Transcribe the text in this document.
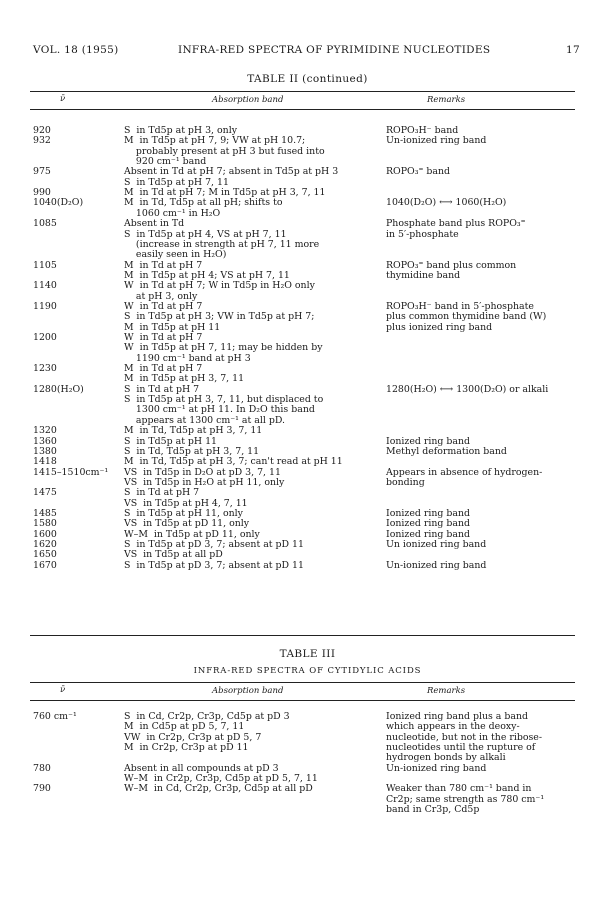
VOL. 18 (1955)	INFRA-RED SPECTRA OF PYRIMIDINE NUCLEOTIDES	17
TABLE II (continued)
ν̄	Absorption band	Remarks
920	S  in Td5p at pH 3, only	ROPO₃H⁻ band
932	M  in Td5p at pH 7, 9; VW at pH 10.7;	Un-ionized ring band
probably present at pH 3 but fused into
920 cm⁻¹ band
975	Absent in Td at pH 7; absent in Td5p at pH 3	ROPO₃⁼ band
S  in Td5p at pH 7, 11
990	M  in Td at pH 7; M in Td5p at pH 3, 7, 11
1040(D₂O)	M  in Td, Td5p at all pH; shifts to	1040(D₂O) ⟷ 1060(H₂O)
1060 cm⁻¹ in H₂O
1085	Absent in Td	Phosphate band plus ROPO₃⁼
S  in Td5p at pH 4, VS at pH 7, 11	in 5′-phosphate
(increase in strength at pH 7, 11 more
easily seen in H₂O)
1105	M  in Td at pH 7	ROPO₃⁼ band plus common
M  in Td5p at pH 4; VS at pH 7, 11	thymidine band
1140	W  in Td at pH 7; W in Td5p in H₂O only
at pH 3, only
1190	W  in Td at pH 7	ROPO₃H⁻ band in 5′-phosphate
S  in Td5p at pH 3; VW in Td5p at pH 7;	plus common thymidine band (W)
M  in Td5p at pH 11	plus ionized ring band
1200	W  in Td at pH 7
W  in Td5p at pH 7, 11; may be hidden by
1190 cm⁻¹ band at pH 3
1230	M  in Td at pH 7
M  in Td5p at pH 3, 7, 11
1280(H₂O)	S  in Td at pH 7	1280(H₂O) ⟷ 1300(D₂O) or alkali
S  in Td5p at pH 3, 7, 11, but displaced to
1300 cm⁻¹ at pH 11. In D₂O this band
appears at 1300 cm⁻¹ at all pD.
1320	M  in Td, Td5p at pH 3, 7, 11
1360	S  in Td5p at pH 11	Ionized ring band
1380	S  in Td, Td5p at pH 3, 7, 11	Methyl deformation band
1418	M  in Td, Td5p at pH 3, 7; can't read at pH 11
1415–1510cm⁻¹ VS  in Td5p in D₂O at pD 3, 7, 11	Appears in absence of hydrogen-
VS  in Td5p in H₂O at pH 11, only	bonding
1475	S  in Td at pH 7
VS  in Td5p at pH 4, 7, 11
1485	S  in Td5p at pH 11, only	Ionized ring band
1580	VS  in Td5p at pD 11, only	Ionized ring band
1600	W–M  in Td5p at pD 11, only	Ionized ring band
1620	S  in Td5p at pD 3, 7; absent at pD 11	Un ionized ring band
1650	VS  in Td5p at all pD
1670	S  in Td5p at pD 3, 7; absent at pD 11	Un-ionized ring band
TABLE III
INFRA-RED SPECTRA OF CYTIDYLIC ACIDS
ν̄	Absorption band	Remarks
760 cm⁻¹	S  in Cd, Cr2p, Cr3p, Cd5p at pD 3	Ionized ring band plus a band
M  in Cd5p at pD 5, 7, 11	which appears in the deoxy-
VW  in Cr2p, Cr3p at pD 5, 7	nucleotide, but not in the ribose-
M  in Cr2p, Cr3p at pD 11	nucleotides until the rupture of
hydrogen bonds by alkali
780	Absent in all compounds at pD 3	Un-ionized ring band
W–M  in Cr2p, Cr3p, Cd5p at pD 5, 7, 11
790	W–M  in Cd, Cr2p, Cr3p, Cd5p at all pD	Weaker than 780 cm⁻¹ band in
Cr2p; same strength as 780 cm⁻¹
band in Cr3p, Cd5p
